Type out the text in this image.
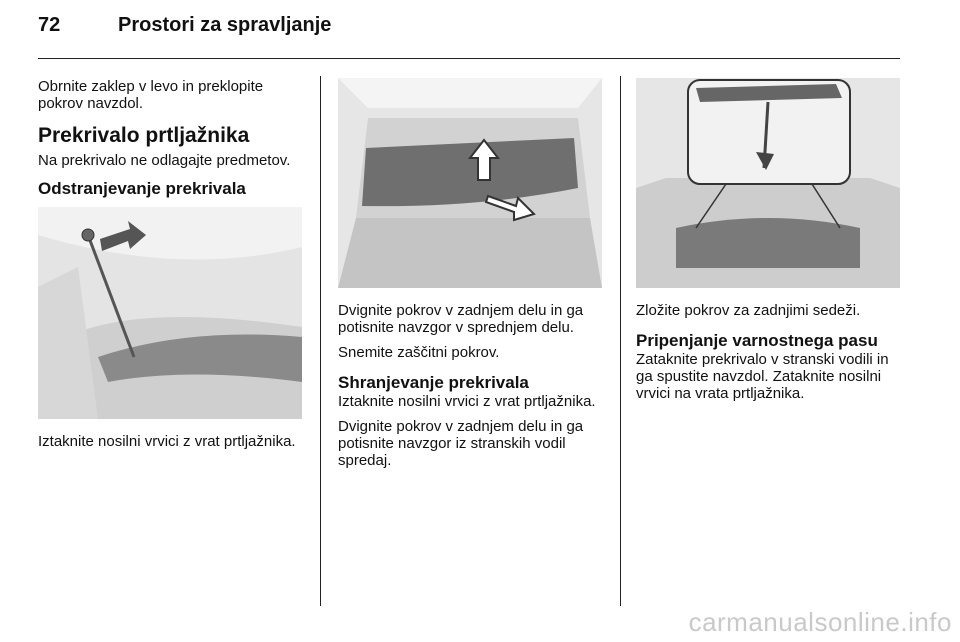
72	Prostori za spravljanje

Obrnite zaklep v levo in preklopite pokrov navzdol.

Prekrivalo prtljažnika

Na prekrivalo ne odlagajte predmetov.

Odstranjevanje prekrivala

Iztaknite nosilni vrvici z vrat prtljažnika.

Dvignite pokrov v zadnjem delu in ga potisnite navzgor v sprednjem delu.

Snemite zaščitni pokrov.

Shranjevanje prekrivala

Iztaknite nosilni vrvici z vrat prtljažnika.

Dvignite pokrov v zadnjem delu in ga potisnite navzgor iz stranskih vodil spredaj.

Zložite pokrov za zadnjimi sedeži.

Pripenjanje varnostnega pasu

Zataknite prekrivalo v stranski vodili in ga spustite navzdol. Zataknite nosilni vrvici na vrata prtljažnika.

carmanualsonline.info
